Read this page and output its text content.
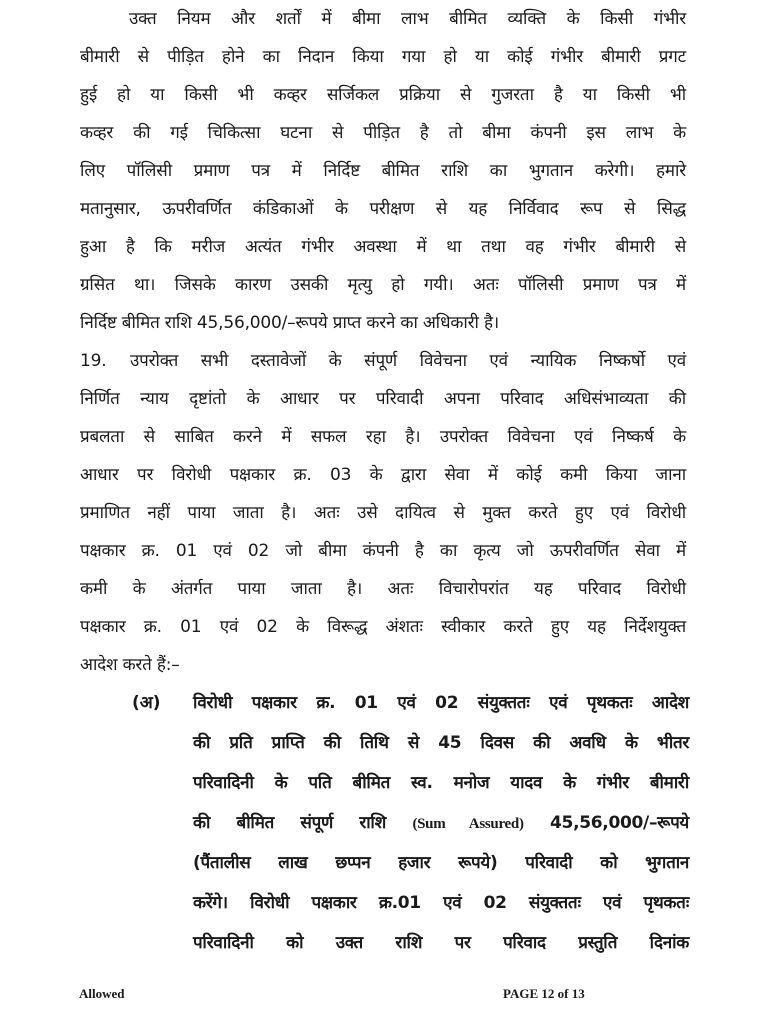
उक्त नियम और शर्तों में बीमा लाभ बीमित व्यक्ति के किसी गंभीर
बीमारी से पीड़ित होने का निदान किया गया हो या कोई गंभीर बीमारी प्रगट
हुई हो या किसी भी कव्हर सर्जिकल प्रक्रिया से गुजरता है या किसी भी
कव्हर की गई चिकित्सा घटना से पीड़ित है तो बीमा कंपनी इस लाभ के
लिए पॉलिसी प्रमाण पत्र में निर्दिष्ट बीमित राशि का भुगतान करेगी। हमारे
मतानुसार, ऊपरीवर्णित कंडिकाओं के परीक्षण से यह निर्विवाद रूप से सिद्ध
हुआ है कि मरीज अत्यंत गंभीर अवस्था में था तथा वह गंभीर बीमारी से
ग्रसित था। जिसके कारण उसकी मृत्यु हो गयी। अतः पॉलिसी प्रमाण पत्र में
निर्दिष्ट बीमित राशि 45,56,000/–रूपये प्राप्त करने का अधिकारी है।
19. उपरोक्त सभी दस्तावेजों के संपूर्ण विवेचना एवं न्यायिक निष्कर्षो एवं
निर्णित न्याय दृष्टांतो के आधार पर परिवादी अपना परिवाद अधिसंभाव्यता की
प्रबलता से साबित करने में सफल रहा है। उपरोक्त विवेचना एवं निष्कर्ष के
आधार पर विरोधी पक्षकार क्र. 03 के द्वारा सेवा में कोई कमी किया जाना
प्रमाणित नहीं पाया जाता है। अतः उसे दायित्व से मुक्त करते हुए एवं विरोधी
पक्षकार क्र. 01 एवं 02 जो बीमा कंपनी है का कृत्य जो ऊपरीवर्णित सेवा में
कमी के अंतर्गत पाया जाता है। अतः विचारोपरांत यह परिवाद विरोधी
पक्षकार क्र. 01 एवं 02 के विरूद्ध अंशतः स्वीकार करते हुए यह निर्देशयुक्त
आदेश करते हैं:–
(अ) विरोधी पक्षकार क्र. 01 एवं 02 संयुक्ततः एवं पृथकतः आदेश
की प्रति प्राप्ति की तिथि से 45 दिवस की अवधि के भीतर
परिवादिनी के पति बीमित स्व. मनोज यादव के गंभीर बीमारी
की बीमित संपूर्ण राशि (Sum Assured) 45,56,000/–रूपये
(पैंतालीस लाख छप्पन हजार रूपये) परिवादी को भुगतान
करेंगे। विरोधी पक्षकार क्र.01 एवं 02 संयुक्ततः एवं पृथकतः
परिवादिनी को उक्त राशि पर परिवाद प्रस्तुति दिनांक
Allowed	PAGE 12 of 13
